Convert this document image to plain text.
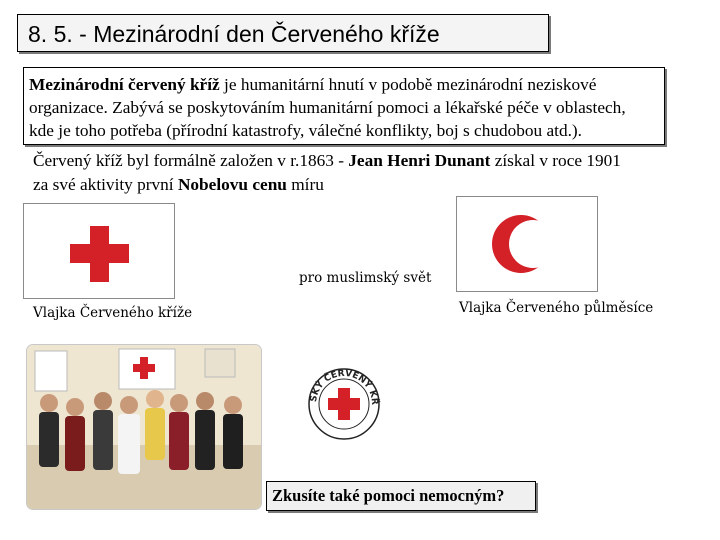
8. 5. - Mezinárodní den Červeného kříže
Mezinárodní červený kříž je humanitární hnutí v podobě mezinárodní neziskové
organizace. Zabývá se poskytováním humanitární pomoci a lékařské péče v oblastech,
kde je toho potřeba (přírodní katastrofy, válečné konflikty, boj s chudobou atd.).
Červený kříž byl formálně založen v r.1863 - Jean Henri Dunant získal v roce 1901
za své aktivity první Nobelovu cenu míru
pro muslimský svět
Vlajka Červeného kříže	Vlajka Červeného půlměsíce
SKÝ ČERVENÝ KŘ
Zkusíte také pomoci nemocným?
